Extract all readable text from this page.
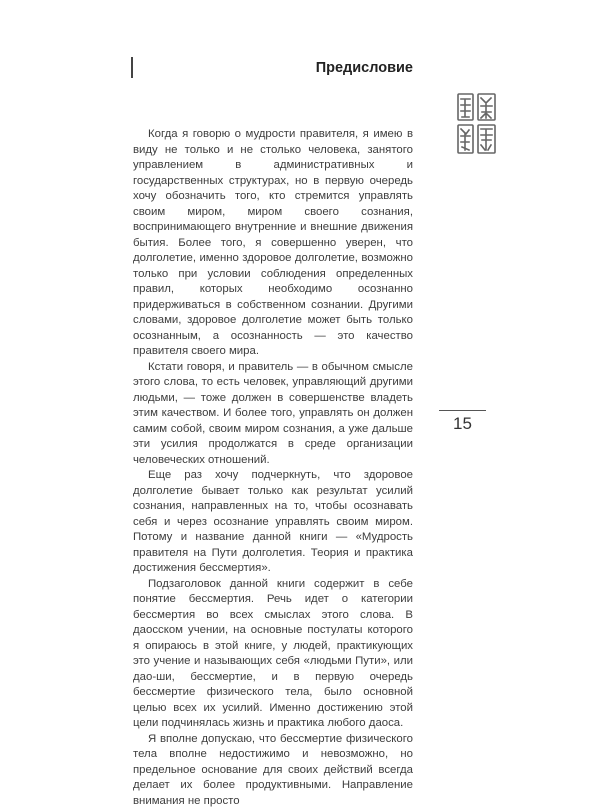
Предисловие

Когда я говорю о мудрости правителя, я имею в виду не только и не столько человека, занятого управлением в административных и государственных структурах, но в первую очередь хочу обозначить того, кто стремится управлять своим миром, миром своего сознания, воспринимающего внутренние и внешние движения бытия. Более того, я совершенно уверен, что долголетие, именно здоровое долголетие, возможно только при условии соблюдения определенных правил, которых необходимо осознанно придерживаться в собственном сознании. Другими словами, здоровое долголетие может быть только осознанным, а осознанность — это качество правителя своего мира.

Кстати говоря, и правитель — в обычном смысле этого слова, то есть человек, управляющий другими людьми, — тоже должен в совершенстве владеть этим качеством. И более того, управлять он должен самим собой, своим миром сознания, а уже дальше эти усилия продолжатся в среде организации человеческих отношений.

Еще раз хочу подчеркнуть, что здоровое долголетие бывает только как результат усилий сознания, направленных на то, чтобы осознавать себя и через осознание управлять своим миром. Потому и название данной книги — «Мудрость правителя на Пути долголетия. Теория и практика достижения бессмертия».

Подзаголовок данной книги содержит в себе понятие бессмертия. Речь идет о категории бессмертия во всех смыслах этого слова. В даосском учении, на основные постулаты которого я опираюсь в этой книге, у людей, практикующих это учение и называющих себя «людьми Пути», или дао-ши, бессмертие, и в первую очередь бессмертие физического тела, было основной целью всех их усилий. Именно достижению этой цели подчинялась жизнь и практика любого даоса.

Я вполне допускаю, что бессмертие физического тела вполне недостижимо и невозможно, но предельное основание для своих действий всегда делает их более продуктивными. Направление внимания не просто

15
